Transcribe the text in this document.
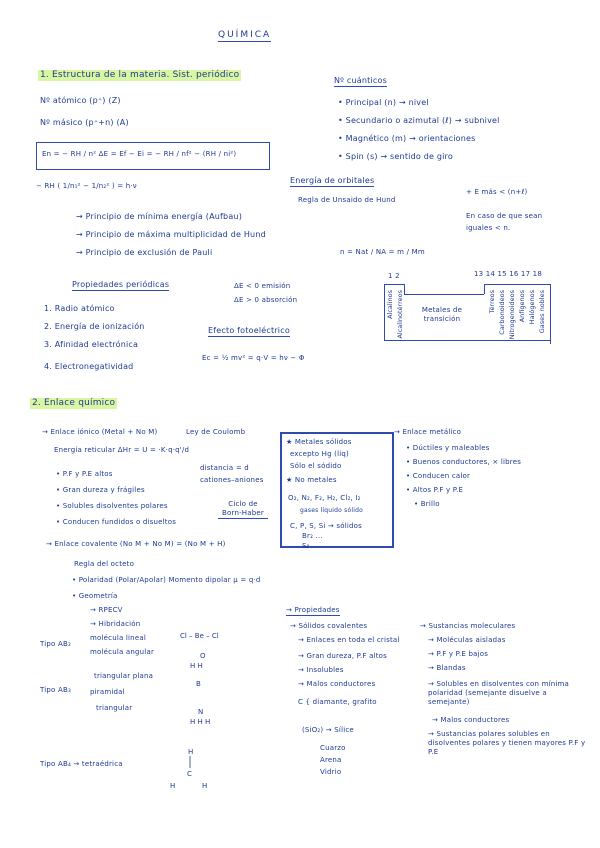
QUÍMICA
1. Estructura de la materia. Sist. periódico
Nº atómico (p⁺) (Z)
Nº másico (p⁺+n) (A)
En = − RH / n² ΔE = Ef − Ei = − RH / nf² − (RH / ni²)
− RH ( 1/n₁² − 1/n₂² ) = h·ν
→ Principio de mínima energía (Aufbau)
→ Principio de máxima multiplicidad de Hund
→ Principio de exclusión de Pauli
Propiedades periódicas
1. Radio atómico
2. Energía de ionización
3. Afinidad electrónica
4. Electronegatividad
ΔE < 0 emisión
ΔE > 0 absorción
Efecto fotoeléctrico
Ec = ½ mv² = q·V = hν − Φ
Nº cuánticos
• Principal (n) → nivel
• Secundario o azimutal (ℓ) → subnivel
• Magnético (m) → orientaciones
• Spin (s) → sentido de giro
Energía de orbitales
Regla de Unsaido de Hund
+ E más < (n+ℓ)
En caso de que sean
iguales < n.
n = Nat / NA = m / Mm
1 2	13 14 15 16 17 18
Alcalinos Alcalinotérreos	Metales de transición
Térreos Carbonoideos Nitrogenoideos Anfígenos Halógenos Gases nobles
2. Enlace químico
→ Enlace iónico (Metal + No M)	Ley de Coulomb
Energía reticular ΔHr = U = ·K·q·q'/d
distancia = d
cationes–aniones
• P.F y P.E altos
• Gran dureza y frágiles
• Solubles disolventes polares
• Conducen fundidos o disueltos
Ciclo de Born-Haber
★ Metales sólidos
excepto Hg (liq)
Sólo el sódido
★ No metales
O₂, N₂, F₂, H₂, Cl₂, I₂
gases líquido sólido
C, P, S, Si → sólidos
Br₂ ...
S₈
→ Enlace metálico
• Dúctiles y maleables
• Buenos conductores, ⨯ libres
• Conducen calor
• Altos P.F y P.E
• Brillo
→ Enlace covalente (No M + No M) = (No M + H)
Regla del octeto
• Polaridad (Polar/Apolar) Momento dipolar μ = q·d
• Geometría
→ RPECV
→ Hibridación
Tipo AB₂
molécula lineal
molécula angular
Tipo AB₃
triangular plana
piramidal
triangular
Tipo AB₄ → tetraédrica
Cl – Be – Cl
O
H H
B
N
H H H
H
C
H	H
→ Propiedades
→ Sólidos covalentes
→ Enlaces en toda el cristal
→ Gran dureza, P.F altos
→ Insolubles
→ Malos conductores
C { diamante, grafito
(SiO₂) → Sílice
Cuarzo
Arena
Vidrio
→ Sustancias moleculares
→ Moléculas aisladas
→ P.F y P.E bajos
→ Blandas
→ Solubles en disolventes con mínima polaridad (semejante disuelve a semejante)
→ Malos conductores
→ Sustancias polares solubles en disolventes polares y tienen mayores P.F y P.E
